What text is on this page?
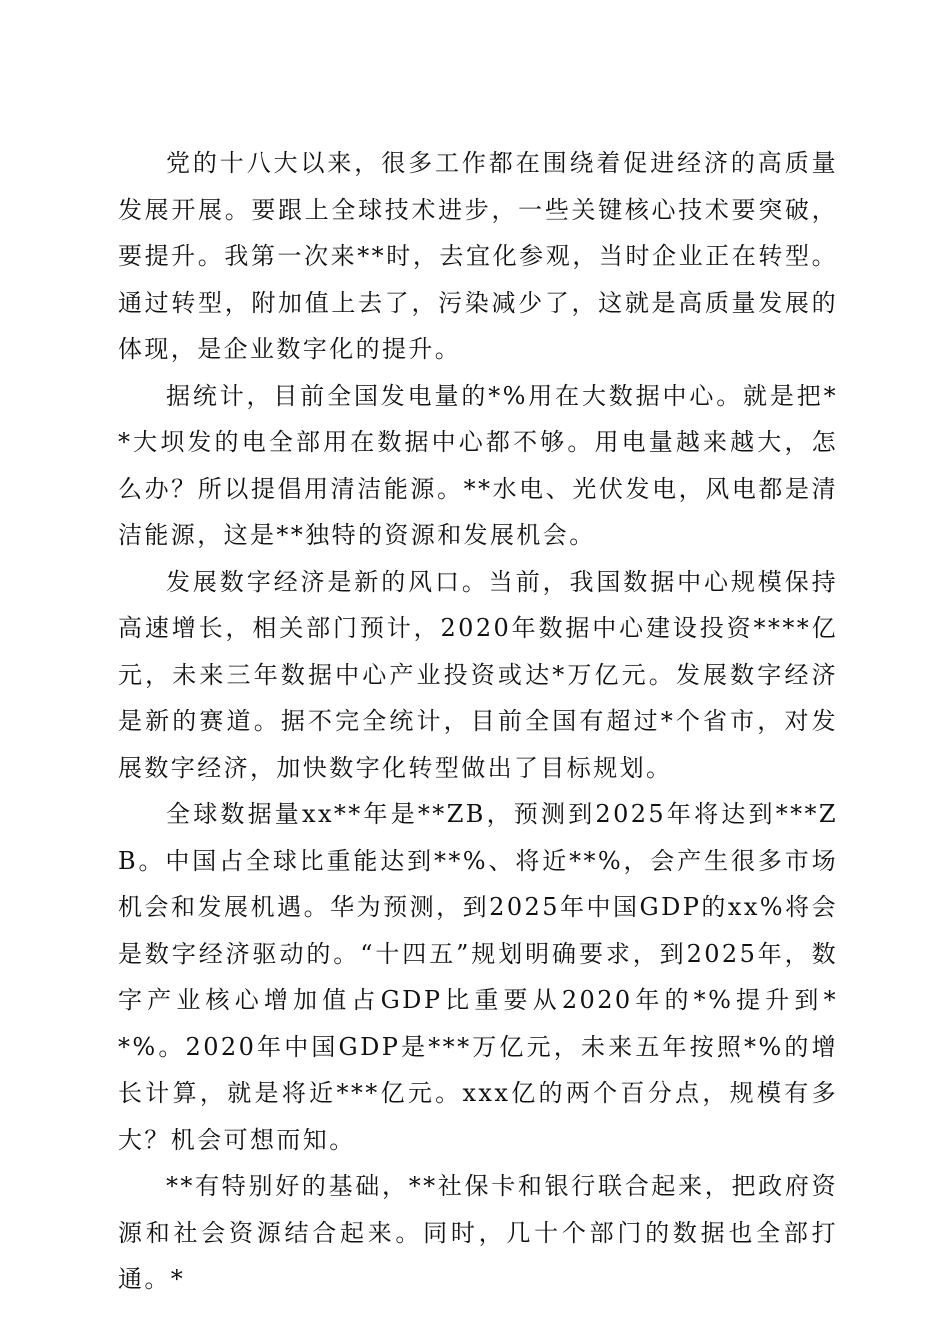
党的十八大以来，很多工作都在围绕着促进经济的高质量发展开展。要跟上全球技术进步，一些关键核心技术要突破，要提升。我第一次来**时，去宜化参观，当时企业正在转型。通过转型，附加值上去了，污染减少了，这就是高质量发展的体现，是企业数字化的提升。

据统计，目前全国发电量的*%用在大数据中心。就是把**大坝发的电全部用在数据中心都不够。用电量越来越大，怎么办？所以提倡用清洁能源。**水电、光伏发电，风电都是清洁能源，这是**独特的资源和发展机会。

发展数字经济是新的风口。当前，我国数据中心规模保持高速增长，相关部门预计，2020年数据中心建设投资****亿元，未来三年数据中心产业投资或达*万亿元。发展数字经济是新的赛道。据不完全统计，目前全国有超过*个省市，对发展数字经济，加快数字化转型做出了目标规划。

全球数据量xx**年是**ZB，预测到2025年将达到***ZB。中国占全球比重能达到**%、将近**%，会产生很多市场机会和发展机遇。华为预测，到2025年中国GDP的xx%将会是数字经济驱动的。“十四五”规划明确要求，到2025年，数字产业核心增加值占GDP比重要从2020年的*%提升到**%。2020年中国GDP是***万亿元，未来五年按照*%的增长计算，就是将近***亿元。xxx亿的两个百分点，规模有多大？机会可想而知。

**有特别好的基础，**社保卡和银行联合起来，把政府资源和社会资源结合起来。同时，几十个部门的数据也全部打通。*
